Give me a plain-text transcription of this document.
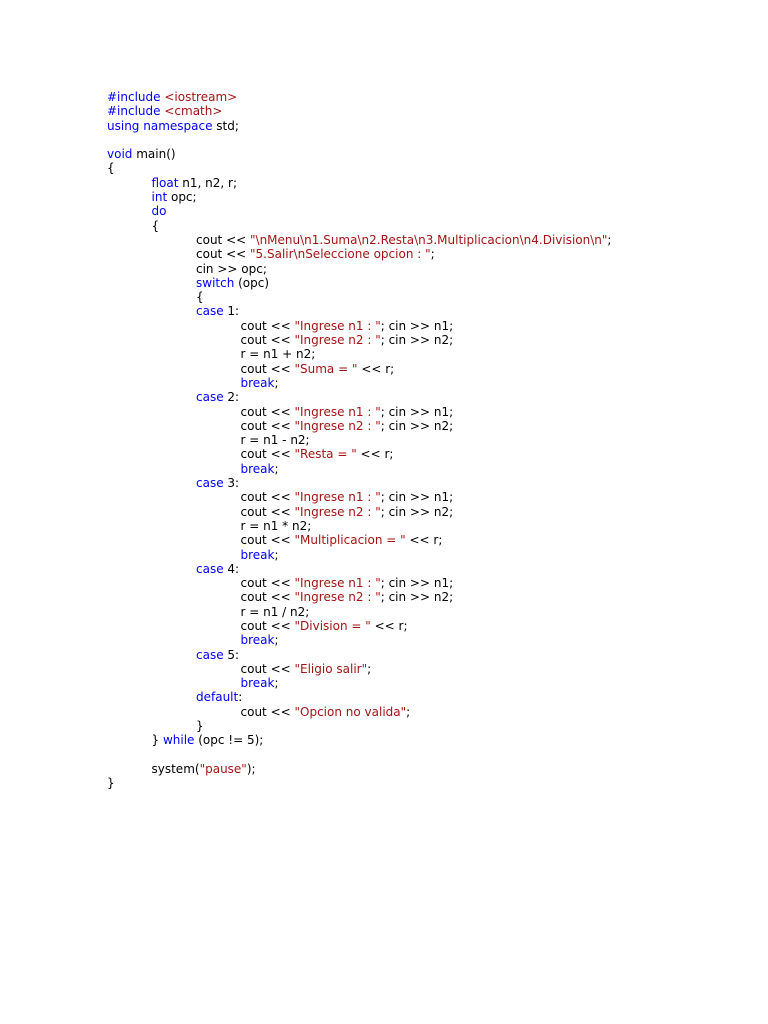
#include <iostream>
#include <cmath>
using namespace std;

void main()
{
float n1, n2, r;
int opc;
do
{
cout << "\nMenu\n1.Suma\n2.Resta\n3.Multiplicacion\n4.Division\n";
cout << "5.Salir\nSeleccione opcion : ";
cin >> opc;
switch (opc)
{
case 1:
cout << "Ingrese n1 : "; cin >> n1;
cout << "Ingrese n2 : "; cin >> n2;
r = n1 + n2;
cout << "Suma = " << r;
break;
case 2:
cout << "Ingrese n1 : "; cin >> n1;
cout << "Ingrese n2 : "; cin >> n2;
r = n1 - n2;
cout << "Resta = " << r;
break;
case 3:
cout << "Ingrese n1 : "; cin >> n1;
cout << "Ingrese n2 : "; cin >> n2;
r = n1 * n2;
cout << "Multiplicacion = " << r;
break;
case 4:
cout << "Ingrese n1 : "; cin >> n1;
cout << "Ingrese n2 : "; cin >> n2;
r = n1 / n2;
cout << "Division = " << r;
break;
case 5:
cout << "Eligio salir";
break;
default:
cout << "Opcion no valida";
}
} while (opc != 5);

system("pause");
}
